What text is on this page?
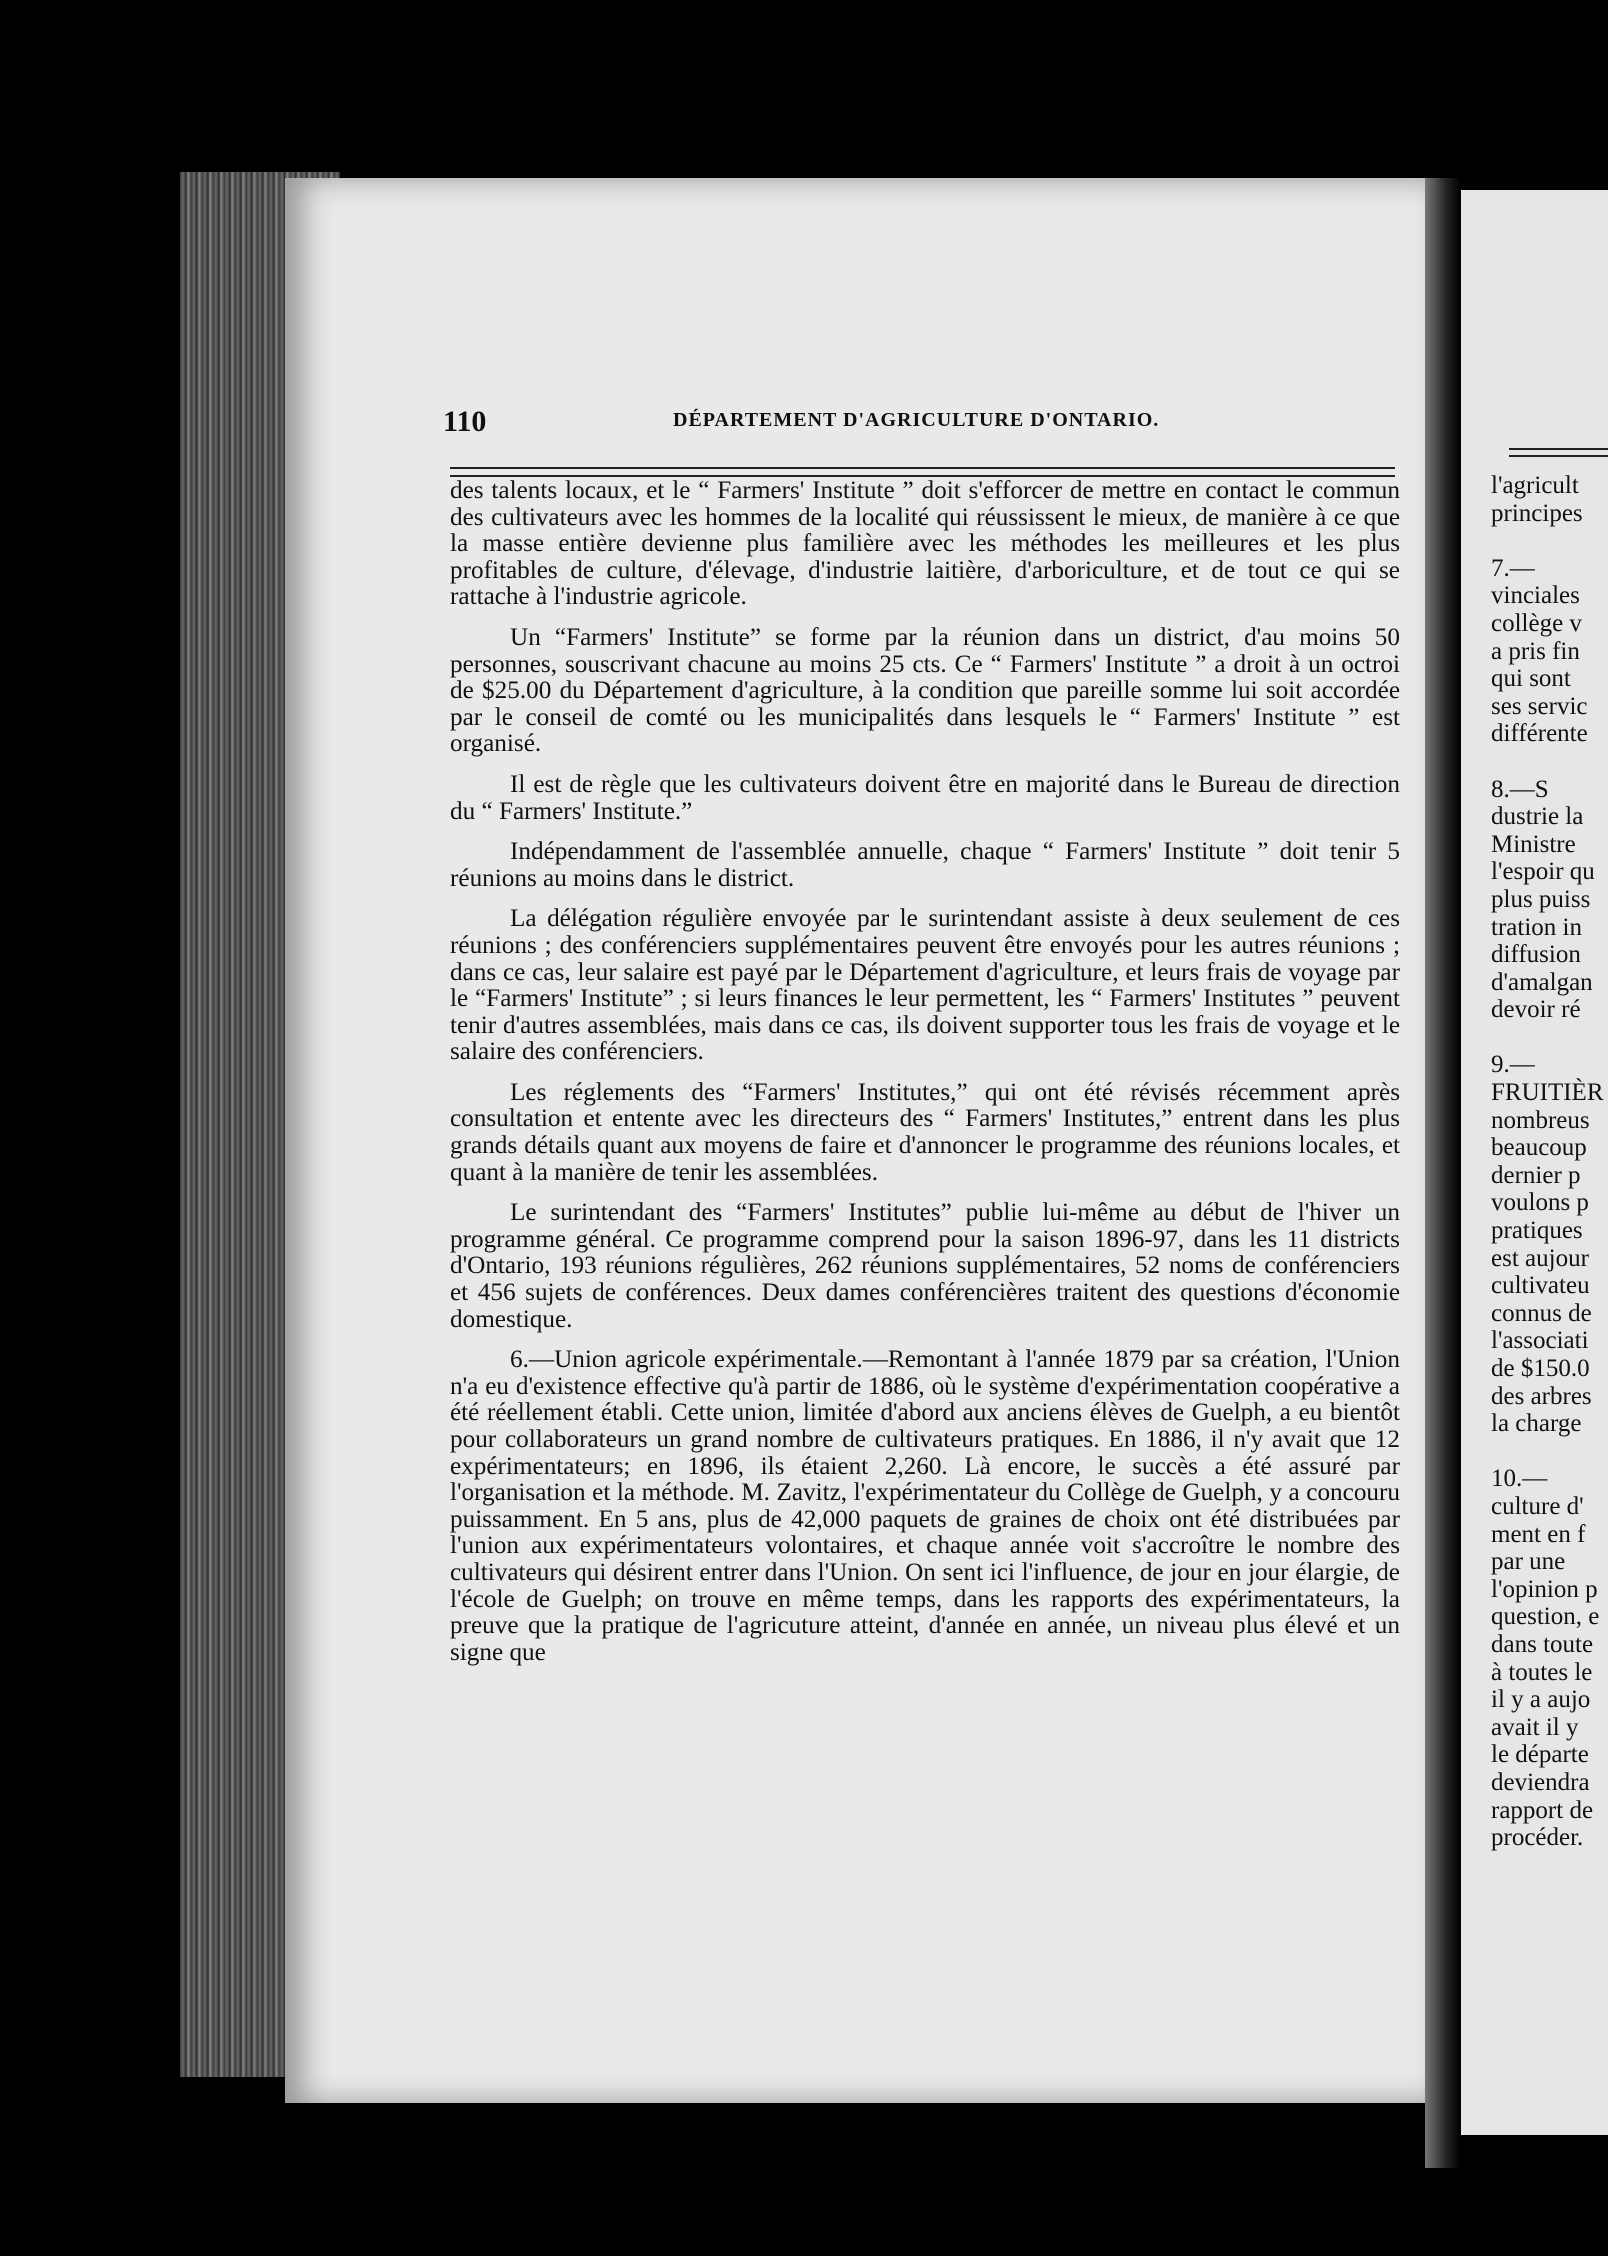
l'agricult
principes
7.—
vinciales
collège v
a pris fin
qui sont
ses servic
différente
8.—S
dustrie la
Ministre
l'espoir qu
plus puiss
tration in
diffusion
d'amalgan
devoir ré
9.—
FRUITIÈR
nombreus
beaucoup
dernier p
voulons p
pratiques
est aujour
cultivateu
connus de
l'associati
de $150.0
des arbres
la charge
10.—
culture d'
ment en f
par une
l'opinion p
question, e
dans toute
à toutes le
il y a aujo
avait il y
le départe
deviendra
rapport de
procéder.
110	DÉPARTEMENT D'AGRICULTURE D'ONTARIO.

des talents locaux, et le “ Farmers' Institute ” doit s'efforcer de mettre en contact le commun des cultivateurs avec les hommes de la localité qui réussissent le mieux, de manière à ce que la masse entière devienne plus familière avec les méthodes les meilleures et les plus profitables de culture, d'élevage, d'industrie laitière, d'arboriculture, et de tout ce qui se rattache à l'industrie agricole.

Un “Farmers' Institute” se forme par la réunion dans un district, d'au moins 50 personnes, souscrivant chacune au moins 25 cts. Ce “ Farmers' Institute ” a droit à un octroi de $25.00 du Département d'agriculture, à la condition que pareille somme lui soit accordée par le conseil de comté ou les municipalités dans lesquels le “ Farmers' Institute ” est organisé.

Il est de règle que les cultivateurs doivent être en majorité dans le Bureau de direction du “ Farmers' Institute.”

Indépendamment de l'assemblée annuelle, chaque “ Farmers' Institute ” doit tenir 5 réunions au moins dans le district.

La délégation régulière envoyée par le surintendant assiste à deux seulement de ces réunions ; des conférenciers supplémentaires peuvent être envoyés pour les autres réunions ; dans ce cas, leur salaire est payé par le Département d'agriculture, et leurs frais de voyage par le “Farmers' Institute” ; si leurs finances le leur permettent, les “ Farmers' Institutes ” peuvent tenir d'autres assemblées, mais dans ce cas, ils doivent supporter tous les frais de voyage et le salaire des conférenciers.

Les réglements des “Farmers' Institutes,” qui ont été révisés récemment après consultation et entente avec les directeurs des “ Farmers' Institutes,” entrent dans les plus grands détails quant aux moyens de faire et d'annoncer le programme des réunions locales, et quant à la manière de tenir les assemblées.

Le surintendant des “Farmers' Institutes” publie lui-même au début de l'hiver un programme général. Ce programme comprend pour la saison 1896-97, dans les 11 districts d'Ontario, 193 réunions régulières, 262 réunions supplémentaires, 52 noms de conférenciers et 456 sujets de conférences. Deux dames conférencières traitent des questions d'économie domestique.

6.—Union agricole expérimentale.—Remontant à l'année 1879 par sa création, l'Union n'a eu d'existence effective qu'à partir de 1886, où le système d'expérimentation coopérative a été réellement établi. Cette union, limitée d'abord aux anciens élèves de Guelph, a eu bientôt pour collaborateurs un grand nombre de cultivateurs pratiques. En 1886, il n'y avait que 12 expérimentateurs; en 1896, ils étaient 2,260. Là encore, le succès a été assuré par l'organisation et la méthode. M. Zavitz, l'expérimentateur du Collège de Guelph, y a concouru puissamment. En 5 ans, plus de 42,000 paquets de graines de choix ont été distribuées par l'union aux expérimentateurs volontaires, et chaque année voit s'accroître le nombre des cultivateurs qui désirent entrer dans l'Union. On sent ici l'influence, de jour en jour élargie, de l'école de Guelph; on trouve en même temps, dans les rapports des expérimentateurs, la preuve que la pratique de l'agricuture atteint, d'année en année, un niveau plus élevé et un signe que
